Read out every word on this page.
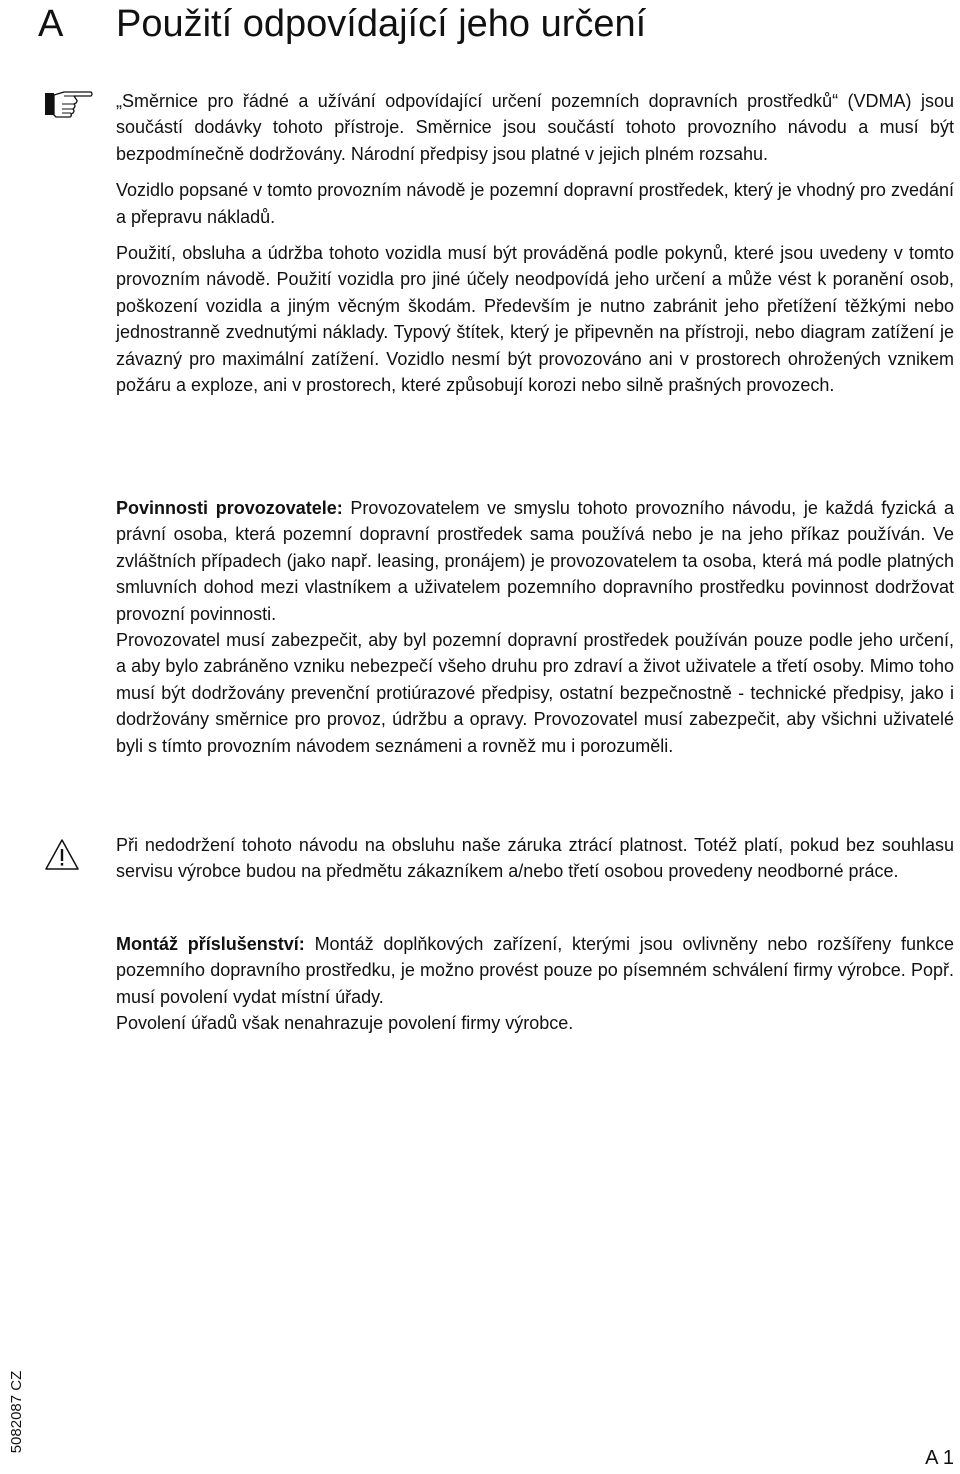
A Použití odpovídající jeho určení

„Směrnice pro řádné a užívání odpovídající určení pozemních dopravních prostředků“ (VDMA) jsou součástí dodávky tohoto přístroje. Směrnice jsou součástí tohoto provozního návodu a musí být bezpodmínečně dodržovány. Národní předpisy jsou platné v jejich plném rozsahu.

Vozidlo popsané v tomto provozním návodě je pozemní dopravní prostředek, který je vhodný pro zvedání a přepravu nákladů.

Použití, obsluha a údržba tohoto vozidla musí být prováděná podle pokynů, které jsou uvedeny v tomto provozním návodě. Použití vozidla pro jiné účely neodpovídá jeho určení a může vést k poranění osob, poškození vozidla a jiným věcným škodám. Především je nutno zabránit jeho přetížení těžkými nebo jednostranně zvednutými náklady. Typový štítek, který je připevněn na přístroji, nebo diagram zatížení je závazný pro maximální zatížení. Vozidlo nesmí být provozováno ani v prostorech ohrožených vznikem požáru a exploze, ani v prostorech, které způsobují korozi nebo silně prašných provozech.

Povinnosti provozovatele: Provozovatelem ve smyslu tohoto provozního návodu, je každá fyzická a právní osoba, která pozemní dopravní prostředek sama používá nebo je na jeho příkaz používán. Ve zvláštních případech (jako např. leasing, pronájem) je provozovatelem ta osoba, která má podle platných smluvních dohod mezi vlastníkem a uživatelem pozemního dopravního prostředku povinnost dodržovat provozní povinnosti.

Provozovatel musí zabezpečit, aby byl pozemní dopravní prostředek používán pouze podle jeho určení, a aby bylo zabráněno vzniku nebezpečí všeho druhu pro zdraví a život uživatele a třetí osoby. Mimo toho musí být dodržovány prevenční protiúrazové předpisy, ostatní bezpečnostně - technické předpisy, jako i dodržovány směrnice pro provoz, údržbu a opravy. Provozovatel musí zabezpečit, aby všichni uživatelé byli s tímto provozním návodem seznámeni a rovněž mu i porozuměli.

Při nedodržení tohoto návodu na obsluhu naše záruka ztrácí platnost. Totéž platí, pokud bez souhlasu servisu výrobce budou na předmětu zákazníkem a/nebo třetí osobou provedeny neodborné práce.

Montáž příslušenství: Montáž doplňkových zařízení, kterými jsou ovlivněny nebo rozšířeny funkce pozemního dopravního prostředku, je možno provést pouze po písemném schválení firmy výrobce. Popř. musí povolení vydat místní úřady.

Povolení úřadů však nenahrazuje povolení firmy výrobce.

5082087 CZ
A 1
